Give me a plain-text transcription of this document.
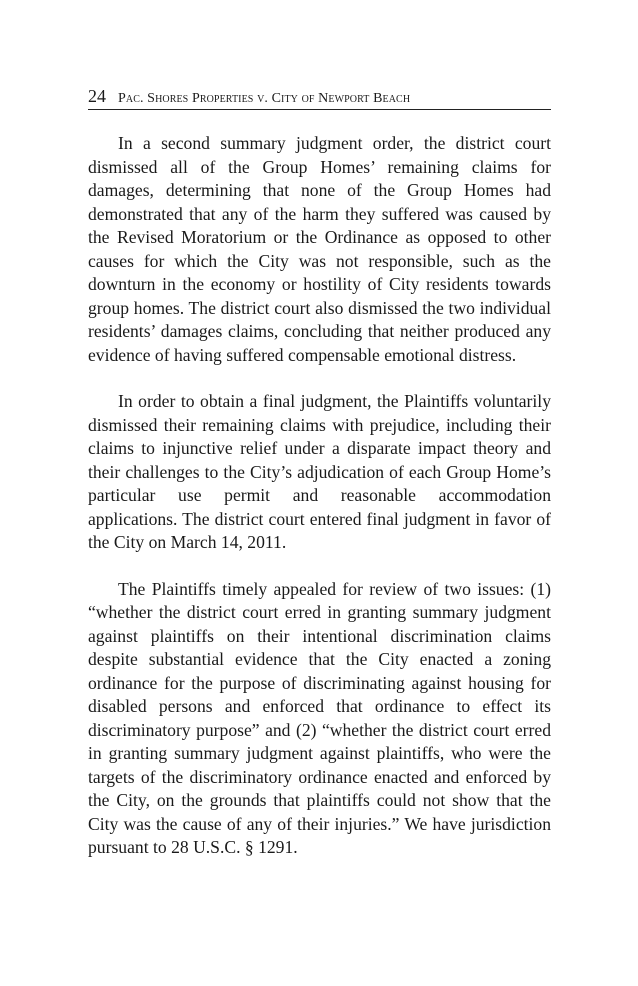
24 Pac. Shores Properties v. City of Newport Beach

In a second summary judgment order, the district court dismissed all of the Group Homes’ remaining claims for damages, determining that none of the Group Homes had demonstrated that any of the harm they suffered was caused by the Revised Moratorium or the Ordinance as opposed to other causes for which the City was not responsible, such as the downturn in the economy or hostility of City residents towards group homes. The district court also dismissed the two individual residents’ damages claims, concluding that neither produced any evidence of having suffered compensable emotional distress.

In order to obtain a final judgment, the Plaintiffs voluntarily dismissed their remaining claims with prejudice, including their claims to injunctive relief under a disparate impact theory and their challenges to the City’s adjudication of each Group Home’s particular use permit and reasonable accommodation applications. The district court entered final judgment in favor of the City on March 14, 2011.

The Plaintiffs timely appealed for review of two issues: (1) “whether the district court erred in granting summary judgment against plaintiffs on their intentional discrimination claims despite substantial evidence that the City enacted a zoning ordinance for the purpose of discriminating against housing for disabled persons and enforced that ordinance to effect its discriminatory purpose” and (2) “whether the district court erred in granting summary judgment against plaintiffs, who were the targets of the discriminatory ordinance enacted and enforced by the City, on the grounds that plaintiffs could not show that the City was the cause of any of their injuries.” We have jurisdiction pursuant to 28 U.S.C. § 1291.
